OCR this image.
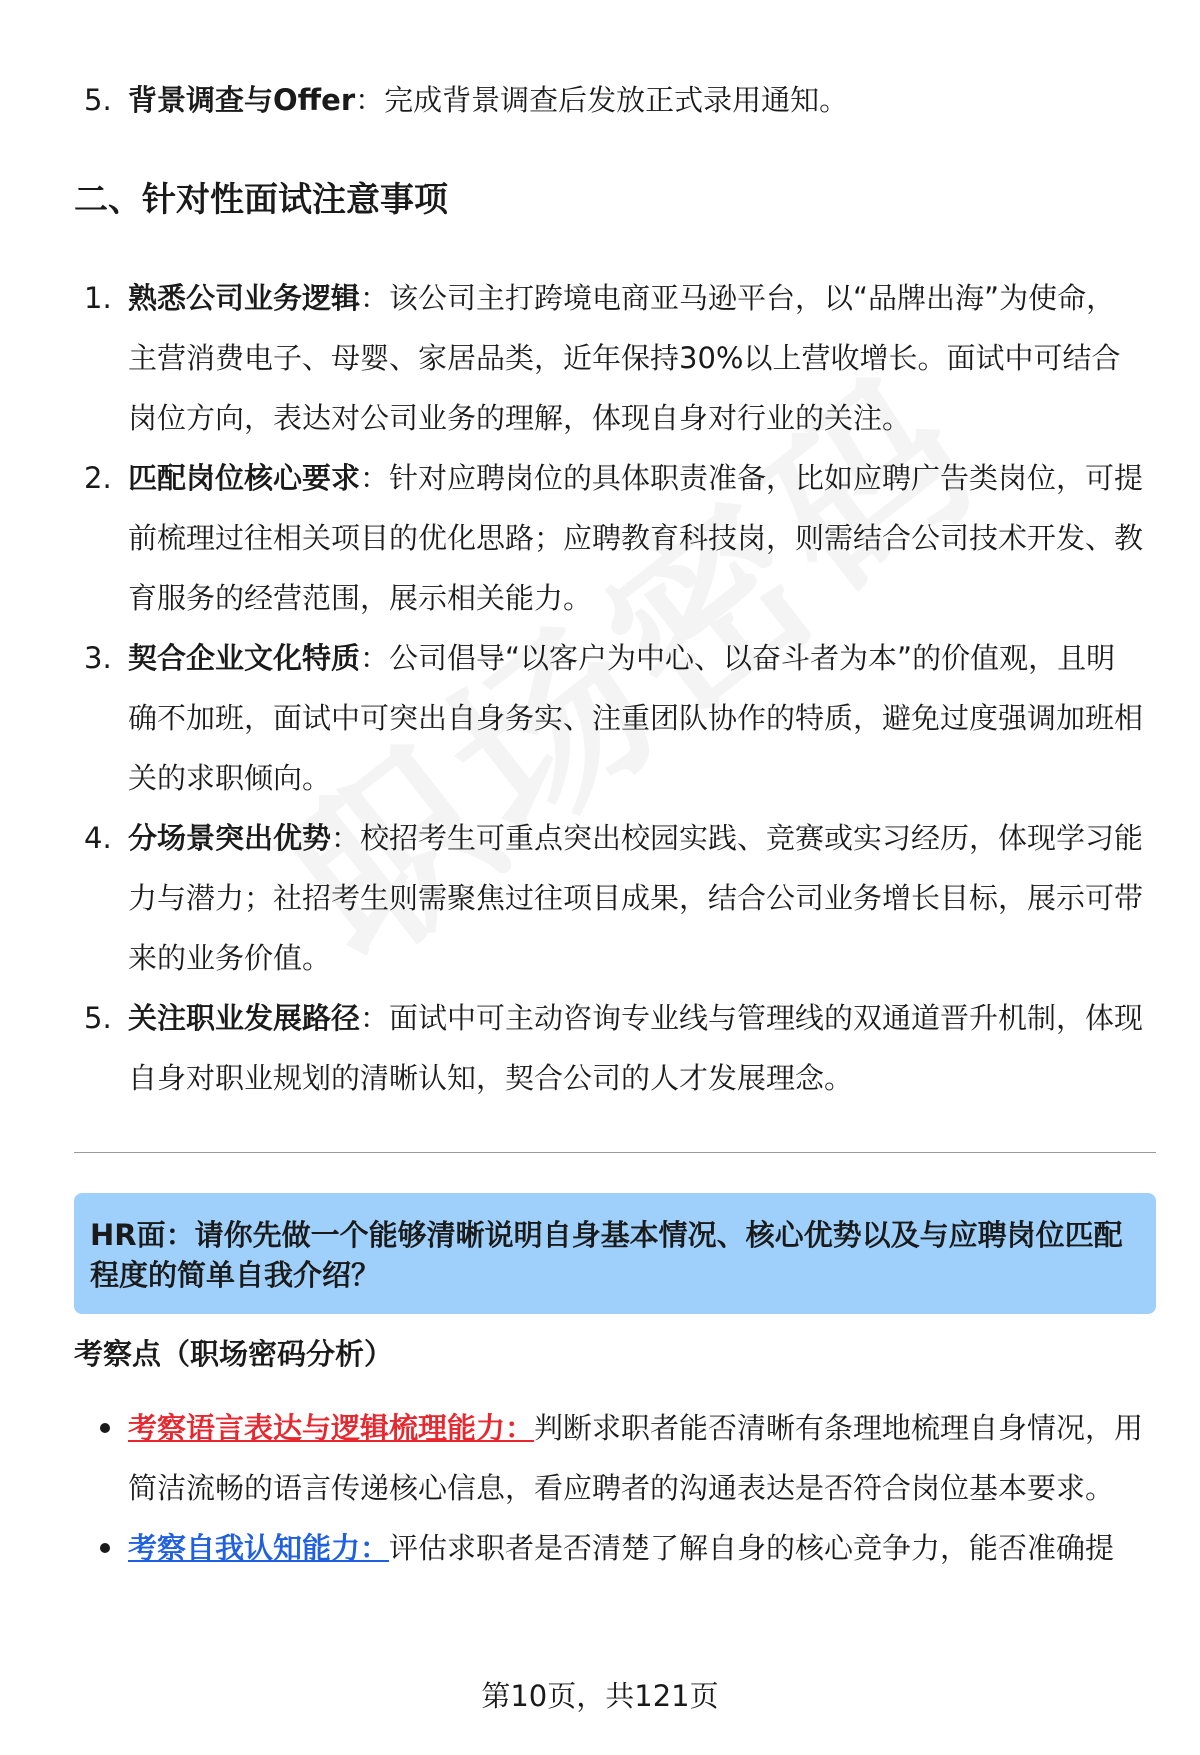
5. 背景调查与Offer：完成背景调查后发放正式录用通知。
二、针对性面试注意事项
1. 熟悉公司业务逻辑：该公司主打跨境电商亚马逊平台，以“品牌出海”为使命，主营消费电子、母婴、家居品类，近年保持30%以上营收增长。面试中可结合岗位方向，表达对公司业务的理解，体现自身对行业的关注。
2. 匹配岗位核心要求：针对应聘岗位的具体职责准备，比如应聘广告类岗位，可提前梳理过往相关项目的优化思路；应聘教育科技岗，则需结合公司技术开发、教育服务的经营范围，展示相关能力。
3. 契合企业文化特质：公司倡导“以客户为中心、以奋斗者为本”的价值观，且明确不加班，面试中可突出自身务实、注重团队协作的特质，避免过度强调加班相关的求职倾向。
4. 分场景突出优势：校招考生可重点突出校园实践、竞赛或实习经历，体现学习能力与潜力；社招考生则需聚焦过往项目成果，结合公司业务增长目标，展示可带来的业务价值。
5. 关注职业发展路径：面试中可主动咨询专业线与管理线的双通道晋升机制，体现自身对职业规划的清晰认知，契合公司的人才发展理念。
HR面：请你先做一个能够清晰说明自身基本情况、核心优势以及与应聘岗位匹配程度的简单自我介绍？
考察点（职场密码分析）
考察语言表达与逻辑梳理能力：判断求职者能否清晰有条理地梳理自身情况，用简洁流畅的语言传递核心信息，看应聘者的沟通表达是否符合岗位基本要求。
考察自我认知能力：评估求职者是否清楚了解自身的核心竞争力，能否准确提
第10页，共121页
